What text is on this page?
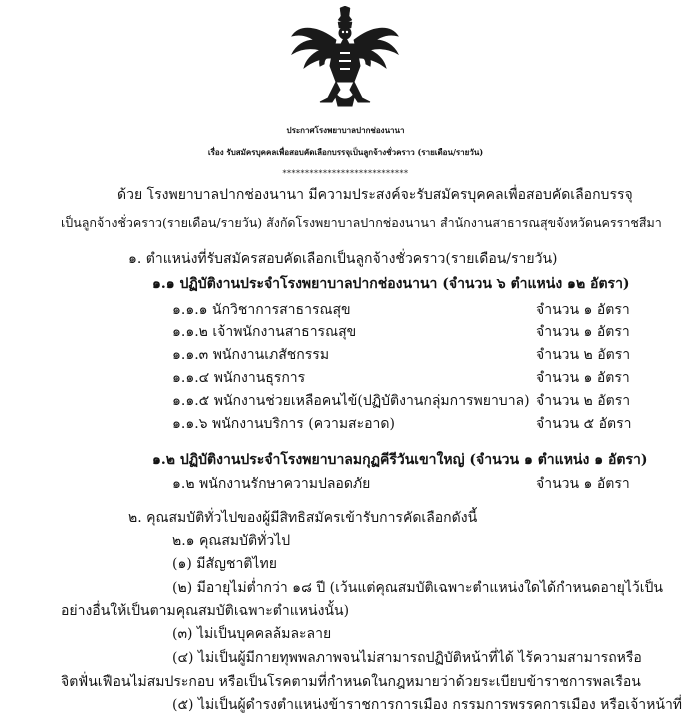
ประกาศโรงพยาบาลปากช่องนานา
เรื่อง รับสมัครบุคคลเพื่อสอบคัดเลือกบรรจุเป็นลูกจ้างชั่วคราว (รายเดือน/รายวัน)
****************************
ด้วย โรงพยาบาลปากช่องนานา มีความประสงค์จะรับสมัครบุคคลเพื่อสอบคัดเลือกบรรจุ
เป็นลูกจ้างชั่วคราว(รายเดือน/รายวัน) สังกัดโรงพยาบาลปากช่องนานา สำนักงานสาธารณสุขจังหวัดนครราชสีมา
๑. ตำแหน่งที่รับสมัครสอบคัดเลือกเป็นลูกจ้างชั่วคราว(รายเดือน/รายวัน)
๑.๑ ปฏิบัติงานประจำโรงพยาบาลปากช่องนานา (จำนวน ๖ ตำแหน่ง ๑๒ อัตรา)
๑.๑.๑ นักวิชาการสาธารณสุข	จำนวน ๑ อัตรา
๑.๑.๒ เจ้าพนักงานสาธารณสุข	จำนวน ๑ อัตรา
๑.๑.๓ พนักงานเภสัชกรรม	จำนวน ๒ อัตรา
๑.๑.๔ พนักงานธุรการ	จำนวน ๑ อัตรา
๑.๑.๕ พนักงานช่วยเหลือคนไข้(ปฏิบัติงานกลุ่มการพยาบาล) จำนวน ๒ อัตรา
๑.๑.๖ พนักงานบริการ (ความสะอาด)	จำนวน ๕ อัตรา
๑.๒ ปฏิบัติงานประจำโรงพยาบาลมกุฏคีรีวันเขาใหญ่ (จำนวน ๑ ตำแหน่ง ๑ อัตรา)
๑.๒ พนักงานรักษาความปลอดภัย	จำนวน ๑ อัตรา
๒. คุณสมบัติทั่วไปของผู้มีสิทธิสมัครเข้ารับการคัดเลือกดังนี้
๒.๑ คุณสมบัติทั่วไป
(๑) มีสัญชาติไทย
(๒) มีอายุไม่ต่ำกว่า ๑๘ ปี (เว้นแต่คุณสมบัติเฉพาะตำแหน่งใดได้กำหนดอายุไว้เป็น
อย่างอื่นให้เป็นตามคุณสมบัติเฉพาะตำแหน่งนั้น)
(๓) ไม่เป็นบุคคลล้มละลาย
(๔) ไม่เป็นผู้มีกายทุพพลภาพจนไม่สามารถปฏิบัติหน้าที่ได้ ไร้ความสามารถหรือ
จิตฟั่นเฟือนไม่สมประกอบ หรือเป็นโรคตามที่กำหนดในกฎหมายว่าด้วยระเบียบข้าราชการพลเรือน
(๕) ไม่เป็นผู้ดำรงตำแหน่งข้าราชการการเมือง กรรมการพรรคการเมือง หรือเจ้าหน้าที่
